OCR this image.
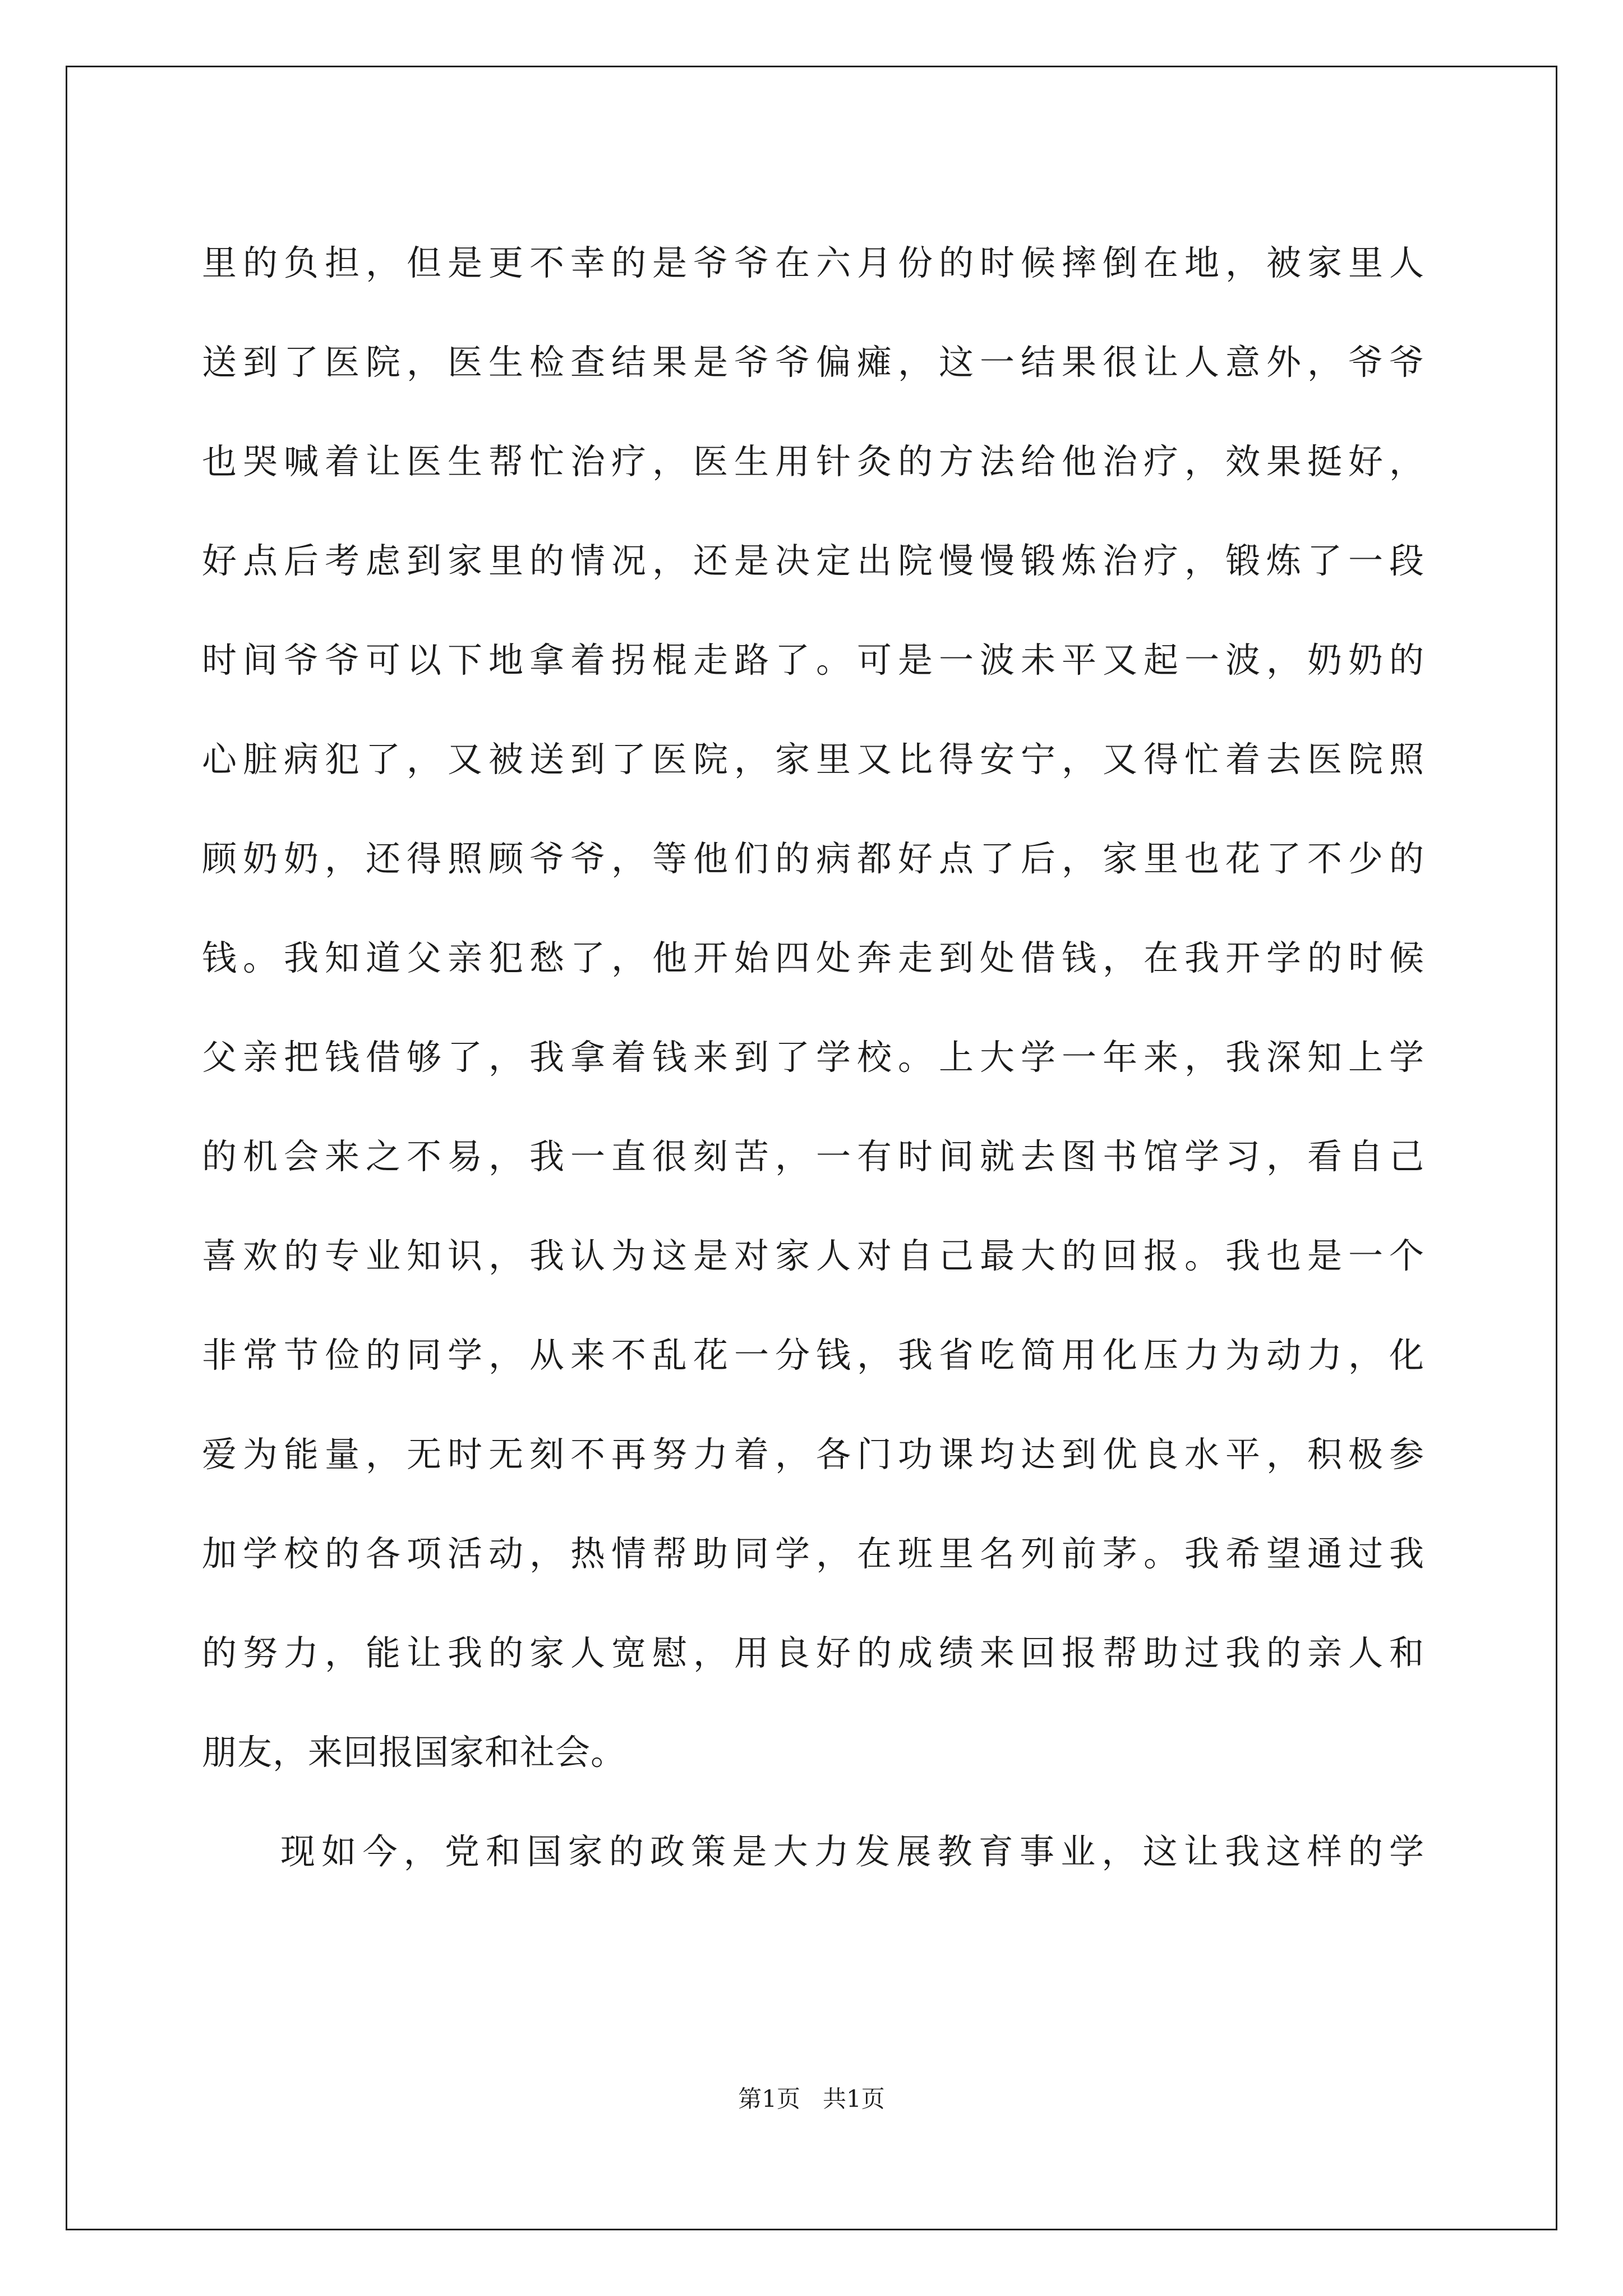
里的负担，但是更不幸的是爷爷在六月份的时候摔倒在地，被家里人
送到了医院，医生检查结果是爷爷偏瘫，这一结果很让人意外，爷爷
也哭喊着让医生帮忙治疗，医生用针灸的方法给他治疗，效果挺好，
好点后考虑到家里的情况，还是决定出院慢慢锻炼治疗，锻炼了一段
时间爷爷可以下地拿着拐棍走路了。可是一波未平又起一波，奶奶的
心脏病犯了，又被送到了医院，家里又比得安宁，又得忙着去医院照
顾奶奶，还得照顾爷爷，等他们的病都好点了后，家里也花了不少的
钱。我知道父亲犯愁了，他开始四处奔走到处借钱，在我开学的时候
父亲把钱借够了，我拿着钱来到了学校。上大学一年来，我深知上学
的机会来之不易，我一直很刻苦，一有时间就去图书馆学习，看自己
喜欢的专业知识，我认为这是对家人对自己最大的回报。我也是一个
非常节俭的同学，从来不乱花一分钱，我省吃简用化压力为动力，化
爱为能量，无时无刻不再努力着，各门功课均达到优良水平，积极参
加学校的各项活动，热情帮助同学，在班里名列前茅。我希望通过我
的努力，能让我的家人宽慰，用良好的成绩来回报帮助过我的亲人和
朋友，来回报国家和社会。
现如今，党和国家的政策是大力发展教育事业，这让我这样的学
第1页   共1页
